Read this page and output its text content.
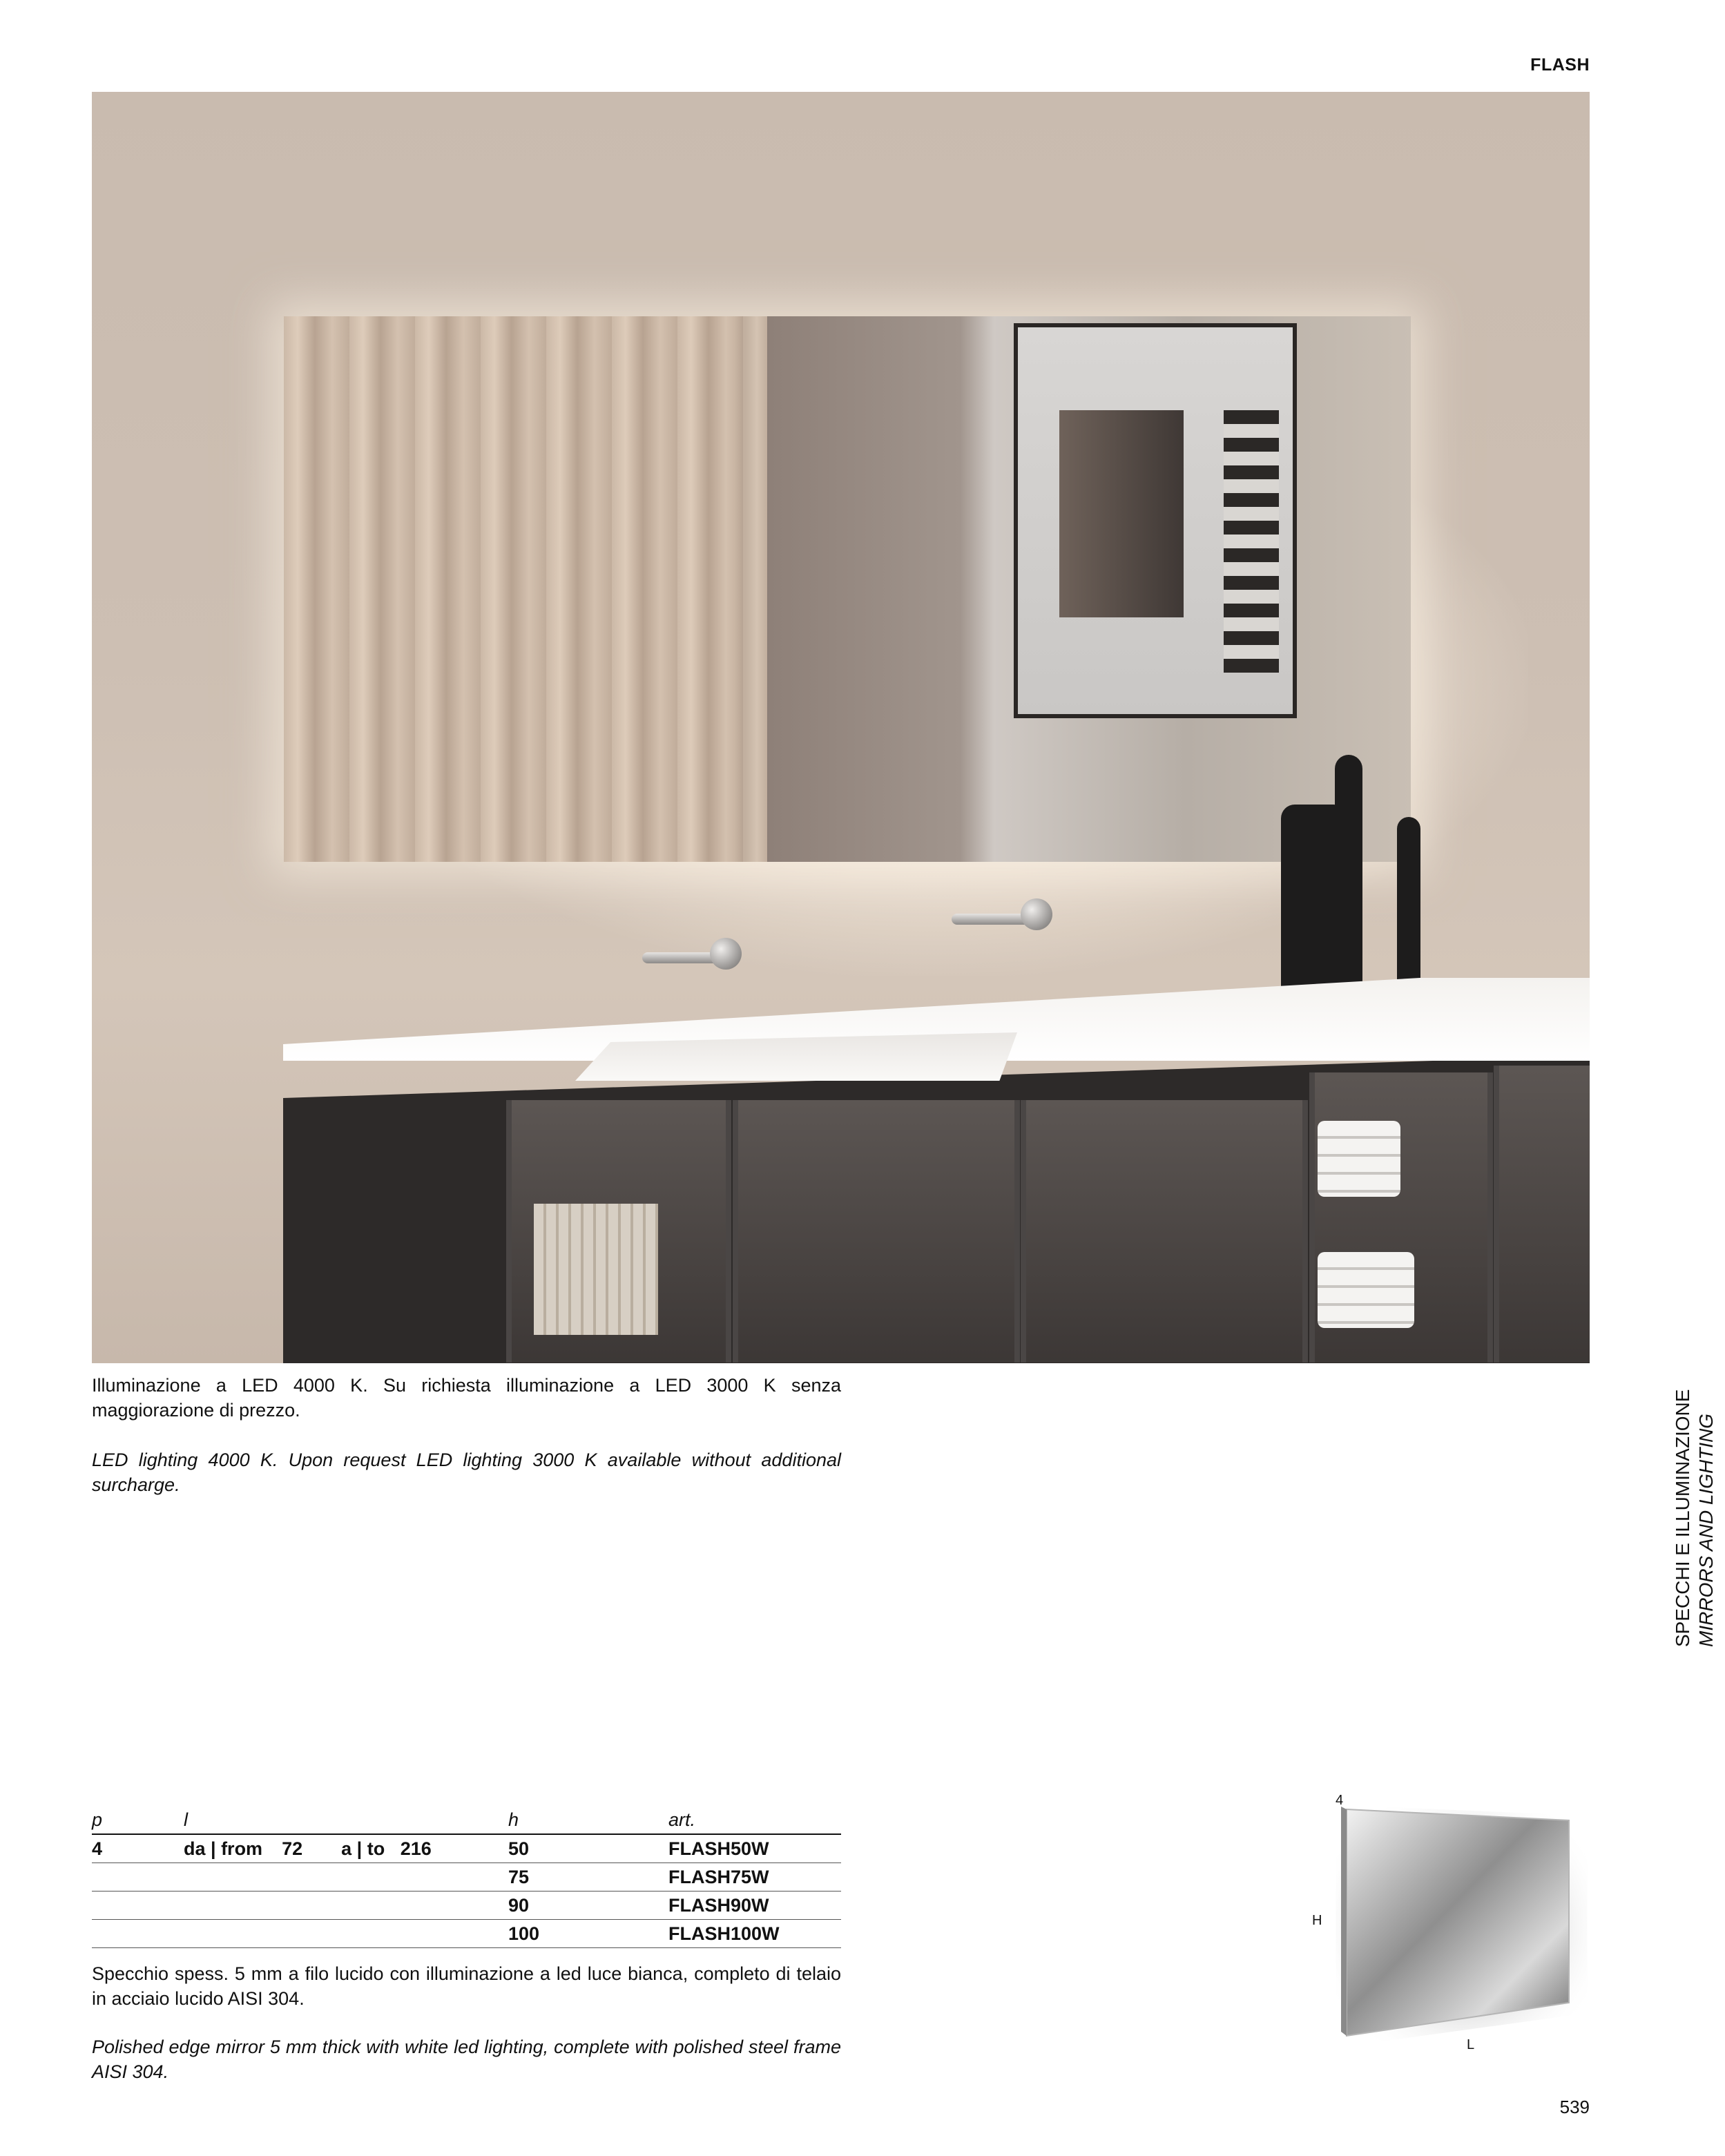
FLASH
Illuminazione a LED 4000 K. Su richiesta illuminazione a LED 3000 K senza maggiorazione di prezzo.
LED lighting 4000 K. Upon request LED lighting 3000 K available without additional surcharge.	SPECCHI E ILLUMINAZIONE MIRRORS AND LIGHTING
p	l	h	art.
4	da | from 72 a | to 216	50	FLASH50W
		75	FLASH75W
		90	FLASH90W
		100	FLASH100W
Specchio spess. 5 mm a filo lucido con illuminazione a led luce bianca, completo di telaio in acciaio lucido AISI 304.
Polished edge mirror 5 mm thick with white led lighting, complete with polished steel frame AISI 304.
4
H
L
539
